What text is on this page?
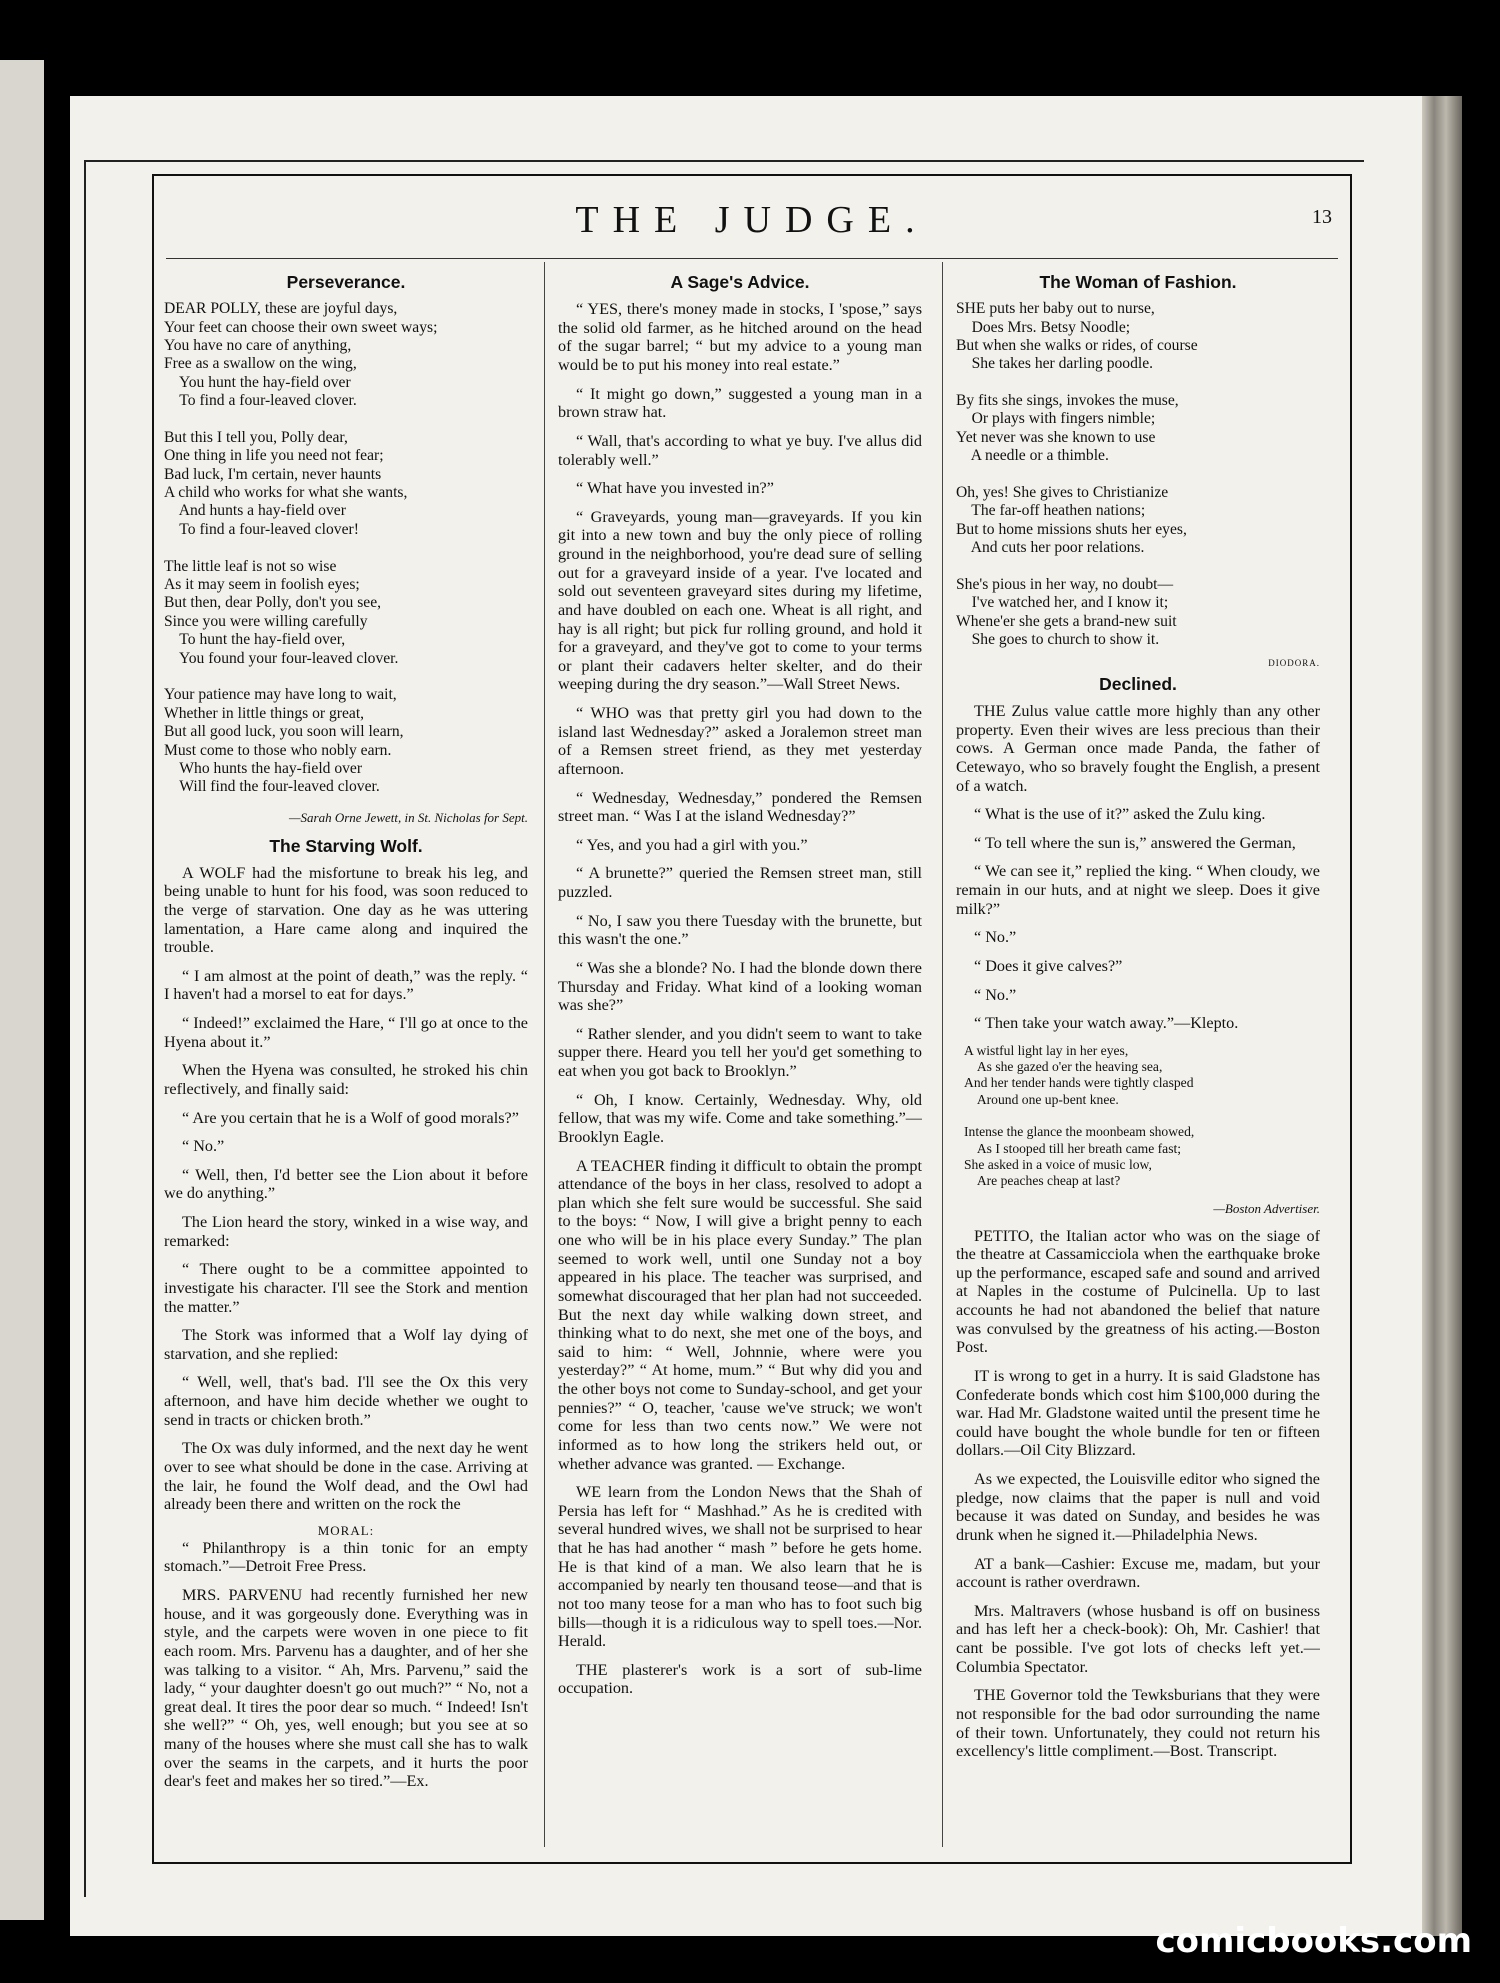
THE JUDGE.	13
Perseverance.
DEAR POLLY, these are joyful days,
Your feet can choose their own sweet ways;
You have no care of anything,
Free as a swallow on the wing,
You hunt the hay-field over
To find a four-leaved clover.

But this I tell you, Polly dear,
One thing in life you need not fear;
Bad luck, I'm certain, never haunts
A child who works for what she wants,
And hunts a hay-field over
To find a four-leaved clover!

The little leaf is not so wise
As it may seem in foolish eyes;
But then, dear Polly, don't you see,
Since you were willing carefully
To hunt the hay-field over,
You found your four-leaved clover.

Your patience may have long to wait,
Whether in little things or great,
But all good luck, you soon will learn,
Must come to those who nobly earn.
Who hunts the hay-field over
Will find the four-leaved clover.
—Sarah Orne Jewett, in St. Nicholas for Sept.
The Starving Wolf.

A WOLF had the misfortune to break his leg, and being unable to hunt for his food, was soon reduced to the verge of starvation. One day as he was uttering lamentation, a Hare came along and inquired the trouble.

“ I am almost at the point of death,” was the reply. “ I haven't had a morsel to eat for days.”

“ Indeed!” exclaimed the Hare, “ I'll go at once to the Hyena about it.”

When the Hyena was consulted, he stroked his chin reflectively, and finally said:

“ Are you certain that he is a Wolf of good morals?”

“ No.”

“ Well, then, I'd better see the Lion about it before we do anything.”

The Lion heard the story, winked in a wise way, and remarked:

“ There ought to be a committee appointed to investigate his character. I'll see the Stork and mention the matter.”

The Stork was informed that a Wolf lay dying of starvation, and she replied:

“ Well, well, that's bad. I'll see the Ox this very afternoon, and have him decide whether we ought to send in tracts or chicken broth.”

The Ox was duly informed, and the next day he went over to see what should be done in the case. Arriving at the lair, he found the Wolf dead, and the Owl had already been there and written on the rock the

MORAL:

“ Philanthropy is a thin tonic for an empty stomach.”—Detroit Free Press.

MRS. PARVENU had recently furnished her new house, and it was gorgeously done. Everything was in style, and the carpets were woven in one piece to fit each room. Mrs. Parvenu has a daughter, and of her she was talking to a visitor. “ Ah, Mrs. Parvenu,” said the lady, “ your daughter doesn't go out much?” “ No, not a great deal. It tires the poor dear so much. “ Indeed! Isn't she well?” “ Oh, yes, well enough; but you see at so many of the houses where she must call she has to walk over the seams in the carpets, and it hurts the poor dear's feet and makes her so tired.”—Ex.

A Sage's Advice.

“ YES, there's money made in stocks, I 'spose,” says the solid old farmer, as he hitched around on the head of the sugar barrel; “ but my advice to a young man would be to put his money into real estate.”

“ It might go down,” suggested a young man in a brown straw hat.

“ Wall, that's according to what ye buy. I've allus did tolerably well.”

“ What have you invested in?”

“ Graveyards, young man—graveyards. If you kin git into a new town and buy the only piece of rolling ground in the neighborhood, you're dead sure of selling out for a graveyard inside of a year. I've located and sold out seventeen graveyard sites during my lifetime, and have doubled on each one. Wheat is all right, and hay is all right; but pick fur rolling ground, and hold it for a graveyard, and they've got to come to your terms or plant their cadavers helter skelter, and do their weeping during the dry season.”—Wall Street News.

“ WHO was that pretty girl you had down to the island last Wednesday?” asked a Joralemon street man of a Remsen street friend, as they met yesterday afternoon.

“ Wednesday, Wednesday,” pondered the Remsen street man. “ Was I at the island Wednesday?”

“ Yes, and you had a girl with you.”

“ A brunette?” queried the Remsen street man, still puzzled.

“ No, I saw you there Tuesday with the brunette, but this wasn't the one.”

“ Was she a blonde? No. I had the blonde down there Thursday and Friday. What kind of a looking woman was she?”

“ Rather slender, and you didn't seem to want to take supper there. Heard you tell her you'd get something to eat when you got back to Brooklyn.”

“ Oh, I know. Certainly, Wednesday. Why, old fellow, that was my wife. Come and take something.”—Brooklyn Eagle.

A TEACHER finding it difficult to obtain the prompt attendance of the boys in her class, resolved to adopt a plan which she felt sure would be successful. She said to the boys: “ Now, I will give a bright penny to each one who will be in his place every Sunday.” The plan seemed to work well, until one Sunday not a boy appeared in his place. The teacher was surprised, and somewhat discouraged that her plan had not succeeded. But the next day while walking down street, and thinking what to do next, she met one of the boys, and said to him: “ Well, Johnnie, where were you yesterday?” “ At home, mum.” “ But why did you and the other boys not come to Sunday-school, and get your pennies?” “ O, teacher, 'cause we've struck; we won't come for less than two cents now.” We were not informed as to how long the strikers held out, or whether advance was granted. — Exchange.

WE learn from the London News that the Shah of Persia has left for “ Mashhad.” As he is credited with several hundred wives, we shall not be surprised to hear that he has had another “ mash ” before he gets home. He is that kind of a man. We also learn that he is accompanied by nearly ten thousand teose—and that is not too many teose for a man who has to foot such big bills—though it is a ridiculous way to spell toes.—Nor. Herald.

THE plasterer's work is a sort of sub-lime occupation.

The Woman of Fashion.
SHE puts her baby out to nurse,
Does Mrs. Betsy Noodle;
But when she walks or rides, of course
She takes her darling poodle.

By fits she sings, invokes the muse,
Or plays with fingers nimble;
Yet never was she known to use
A needle or a thimble.

Oh, yes! She gives to Christianize
The far-off heathen nations;
But to home missions shuts her eyes,
And cuts her poor relations.

She's pious in her way, no doubt—
I've watched her, and I know it;
Whene'er she gets a brand-new suit
She goes to church to show it.
DIODORA.
Declined.

THE Zulus value cattle more highly than any other property. Even their wives are less precious than their cows. A German once made Panda, the father of Cetewayo, who so bravely fought the English, a present of a watch.

“ What is the use of it?” asked the Zulu king.

“ To tell where the sun is,” answered the German,

“ We can see it,” replied the king. “ When cloudy, we remain in our huts, and at night we sleep. Does it give milk?”

“ No.”

“ Does it give calves?”

“ No.”

“ Then take your watch away.”—Klepto.

A wistful light lay in her eyes,
As she gazed o'er the heaving sea,
And her tender hands were tightly clasped
Around one up-bent knee.

Intense the glance the moonbeam showed,
As I stooped till her breath came fast;
She asked in a voice of music low,
Are peaches cheap at last?
—Boston Advertiser.

PETITO, the Italian actor who was on the siage of the theatre at Cassamicciola when the earthquake broke up the performance, escaped safe and sound and arrived at Naples in the costume of Pulcinella. Up to last accounts he had not abandoned the belief that nature was convulsed by the greatness of his acting.—Boston Post.

IT is wrong to get in a hurry. It is said Gladstone has Confederate bonds which cost him $100,000 during the war. Had Mr. Gladstone waited until the present time he could have bought the whole bundle for ten or fifteen dollars.—Oil City Blizzard.

As we expected, the Louisville editor who signed the pledge, now claims that the paper is null and void because it was dated on Sunday, and besides he was drunk when he signed it.—Philadelphia News.

AT a bank—Cashier: Excuse me, madam, but your account is rather overdrawn.

Mrs. Maltravers (whose husband is off on business and has left her a check-book): Oh, Mr. Cashier! that cant be possible. I've got lots of checks left yet.—Columbia Spectator.

THE Governor told the Tewksburians that they were not responsible for the bad odor surrounding the name of their town. Unfortunately, they could not return his excellency's little compliment.—Bost. Transcript.

comicbooks.com
